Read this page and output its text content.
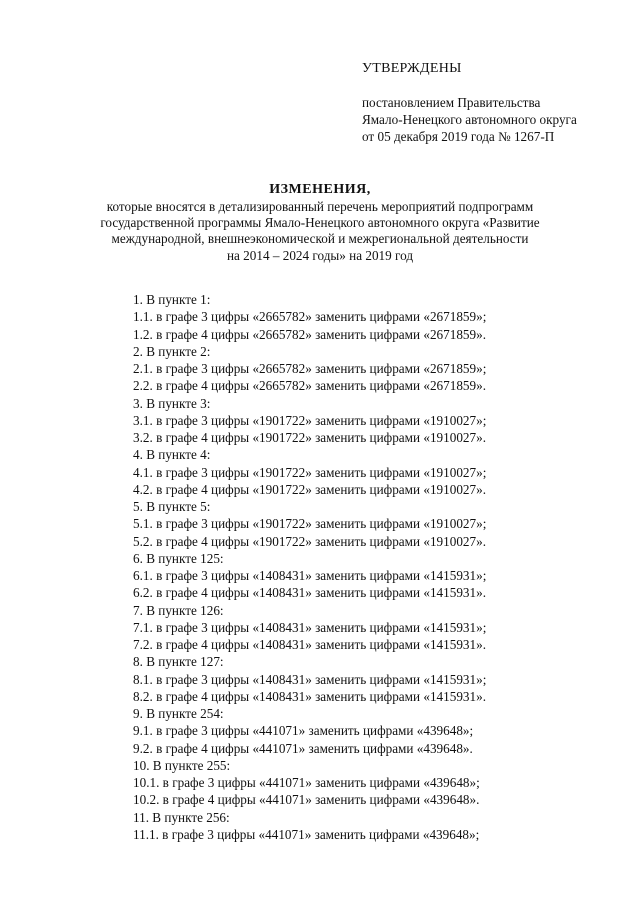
УТВЕРЖДЕНЫ
постановлением Правительства
Ямало-Ненецкого автономного округа
от 05 декабря 2019 года № 1267-П
ИЗМЕНЕНИЯ,
которые вносятся в детализированный перечень мероприятий подпрограмм
государственной программы Ямало-Ненецкого автономного округа «Развитие
международной, внешнеэкономической и межрегиональной деятельности
на 2014 – 2024 годы» на 2019 год
1. В пункте 1:
1.1. в графе 3 цифры «2665782» заменить цифрами «2671859»;
1.2. в графе 4 цифры «2665782» заменить цифрами «2671859».
2. В пункте 2:
2.1. в графе 3 цифры «2665782» заменить цифрами «2671859»;
2.2. в графе 4 цифры «2665782» заменить цифрами «2671859».
3. В пункте 3:
3.1. в графе 3 цифры «1901722» заменить цифрами «1910027»;
3.2. в графе 4 цифры «1901722» заменить цифрами «1910027».
4. В пункте 4:
4.1. в графе 3 цифры «1901722» заменить цифрами «1910027»;
4.2. в графе 4 цифры «1901722» заменить цифрами «1910027».
5. В пункте 5:
5.1. в графе 3 цифры «1901722» заменить цифрами «1910027»;
5.2. в графе 4 цифры «1901722» заменить цифрами «1910027».
6. В пункте 125:
6.1. в графе 3 цифры «1408431» заменить цифрами «1415931»;
6.2. в графе 4 цифры «1408431» заменить цифрами «1415931».
7. В пункте 126:
7.1. в графе 3 цифры «1408431» заменить цифрами «1415931»;
7.2. в графе 4 цифры «1408431» заменить цифрами «1415931».
8. В пункте 127:
8.1. в графе 3 цифры «1408431» заменить цифрами «1415931»;
8.2. в графе 4 цифры «1408431» заменить цифрами «1415931».
9. В пункте 254:
9.1. в графе 3 цифры «441071» заменить цифрами «439648»;
9.2. в графе 4 цифры «441071» заменить цифрами «439648».
10. В пункте 255:
10.1. в графе 3 цифры «441071» заменить цифрами «439648»;
10.2. в графе 4 цифры «441071» заменить цифрами «439648».
11. В пункте 256:
11.1. в графе 3 цифры «441071» заменить цифрами «439648»;
